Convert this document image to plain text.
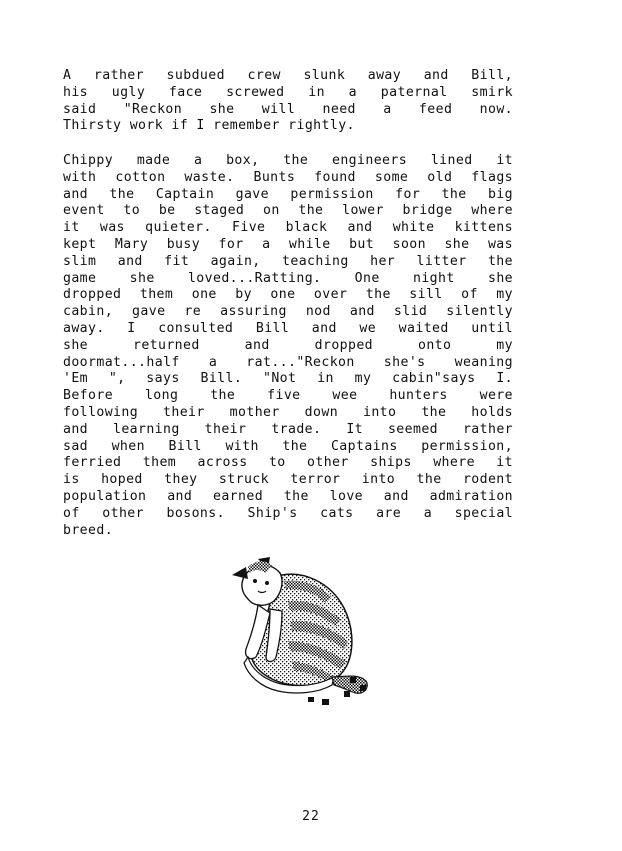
A rather subdued crew slunk away and Bill,
his ugly face screwed in a paternal smirk
said "Reckon she will need a feed now.
Thirsty work if I remember rightly.
Chippy made a box, the engineers lined it
with cotton waste. Bunts found some old flags
and the Captain gave permission for the big
event to be staged on the lower bridge where
it was quieter. Five black and white kittens
kept Mary busy for a while but soon she was
slim and fit again, teaching her litter the
game she loved...Ratting. One night she
dropped them one by one over the sill of my
cabin, gave re assuring nod and slid silently
away. I consulted Bill and we waited until
she returned and dropped onto my
doormat...half a rat..."Reckon she's weaning
'Em ", says Bill. "Not in my cabin"says I.
Before long the five wee hunters were
following their mother down into the holds
and learning their trade. It seemed rather
sad when Bill with the Captains permission,
ferried them across to other ships where it
is hoped they struck terror into the rodent
population and earned the love and admiration
of other bosons. Ship's cats are a special
breed.
22
